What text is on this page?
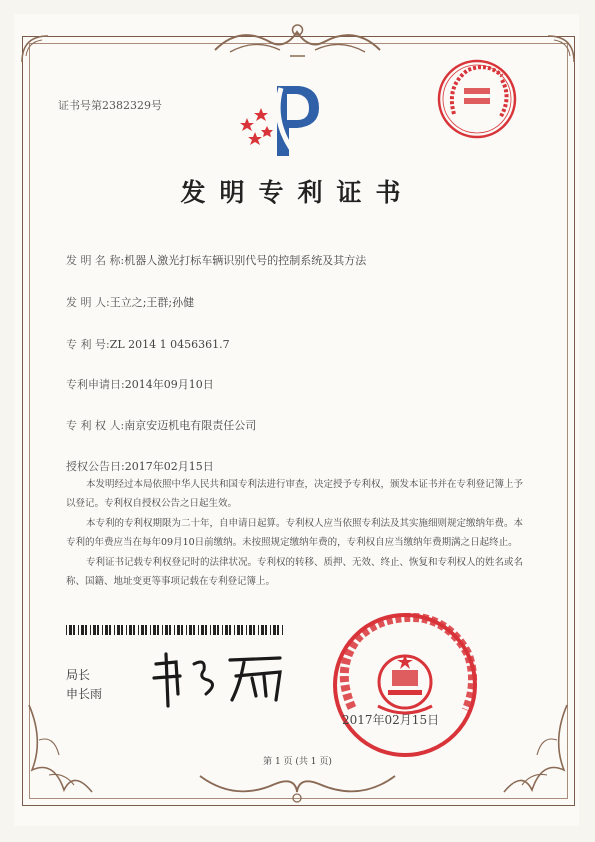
证书号第2382329号
发明专利证书
发 明 名 称:机器人激光打标车辆识别代号的控制系统及其方法
发 明 人:王立之;王群;孙健
专 利 号:ZL 2014 1 0456361.7
专利申请日:2014年09月10日
专 利 权 人:南京安迈机电有限责任公司
授权公告日:2017年02月15日
本发明经过本局依照中华人民共和国专利法进行审查，决定授予专利权，颁发本证书并在专利登记簿上予以登记。专利权自授权公告之日起生效。
本专利的专利权期限为二十年，自申请日起算。专利权人应当依照专利法及其实施细则规定缴纳年费。本专利的年费应当在每年09月10日前缴纳。未按照规定缴纳年费的，专利权自应当缴纳年费期满之日起终止。
专利证书记载专利权登记时的法律状况。专利权的转移、质押、无效、终止、恢复和专利权人的姓名或名称、国籍、地址变更等事项记载在专利登记簿上。
局长
申长雨
2017年02月15日
第 1 页 (共 1 页)
